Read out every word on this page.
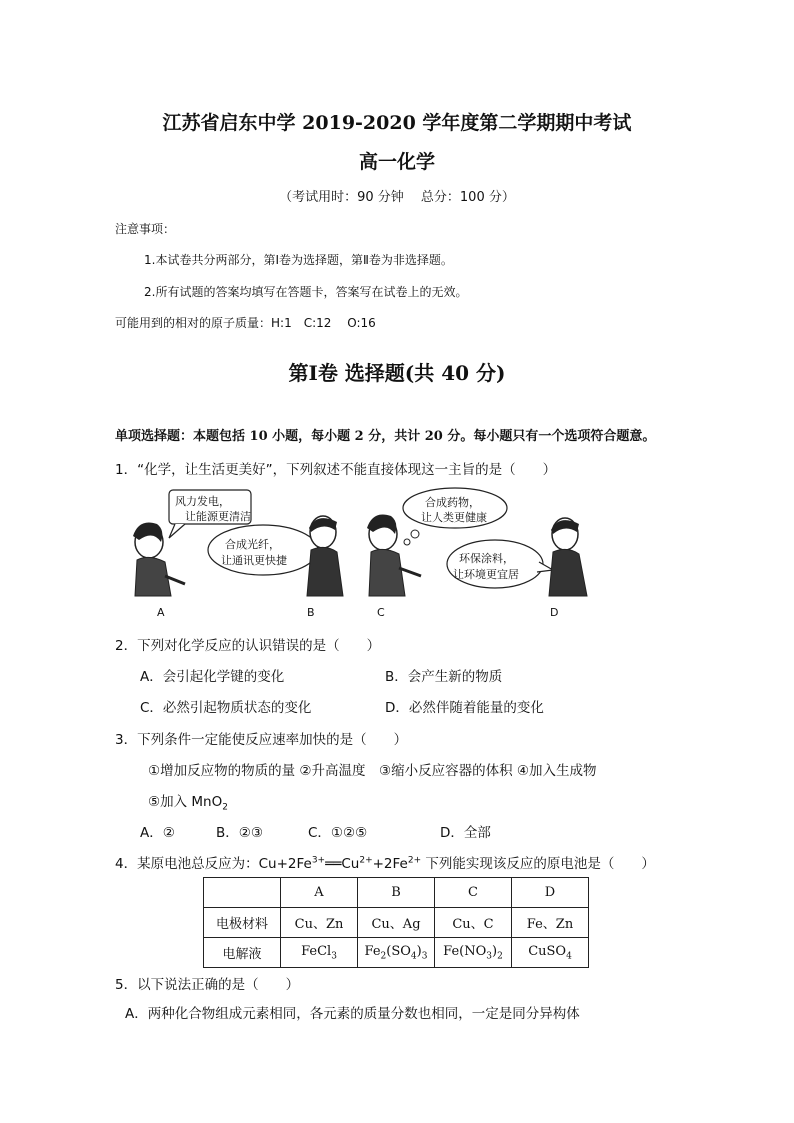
江苏省启东中学 2019-2020 学年度第二学期期中考试
高一化学
（考试用时：90 分钟　 总分：100 分）
注意事项：
1.本试卷共分两部分，第Ⅰ卷为选择题，第Ⅱ卷为非选择题。
2.所有试题的答案均填写在答题卡，答案写在试卷上的无效。
可能用到的相对的原子质量：H:1　C:12　 O:16
第Ⅰ卷 选择题(共 40 分)
单项选择题：本题包括 10 小题，每小题 2 分，共计 20 分。每小题只有一个选项符合题意。
1．“化学，让生活更美好”，下列叙述不能直接体现这一主旨的是（　　）
风力发电，
让能源更清洁
合成光纤，
让通讯更快捷
合成药物，
让人类更健康
环保涂料，
让环境更宜居
A	B	C	D
2．下列对化学反应的认识错误的是（　　）
A．会引起化学键的变化	B．会产生新的物质
C．必然引起物质状态的变化	D．必然伴随着能量的变化
3．下列条件一定能使反应速率加快的是（　　）
①增加反应物的物质的量 ②升高温度　③缩小反应容器的体积 ④加入生成物
⑤加入 MnO$_2$
A．②	B．②③	C．①②⑤	D．全部
4．某原电池总反应为：$Cu+2Fe^{3+}══Cu^{2+}+2Fe^{2+}$ 下列能实现该反应的原电池是（　　）
	A	B	C	D
电极材料	Cu、Zn	Cu、Ag	Cu、C	Fe、Zn
电解液	FeCl$_3$	$Fe_2(SO_4)_3$	$Fe(NO_3)_2$	CuSO$_4$
5．以下说法正确的是（　　）
A．两种化合物组成元素相同，各元素的质量分数也相同，一定是同分异构体
